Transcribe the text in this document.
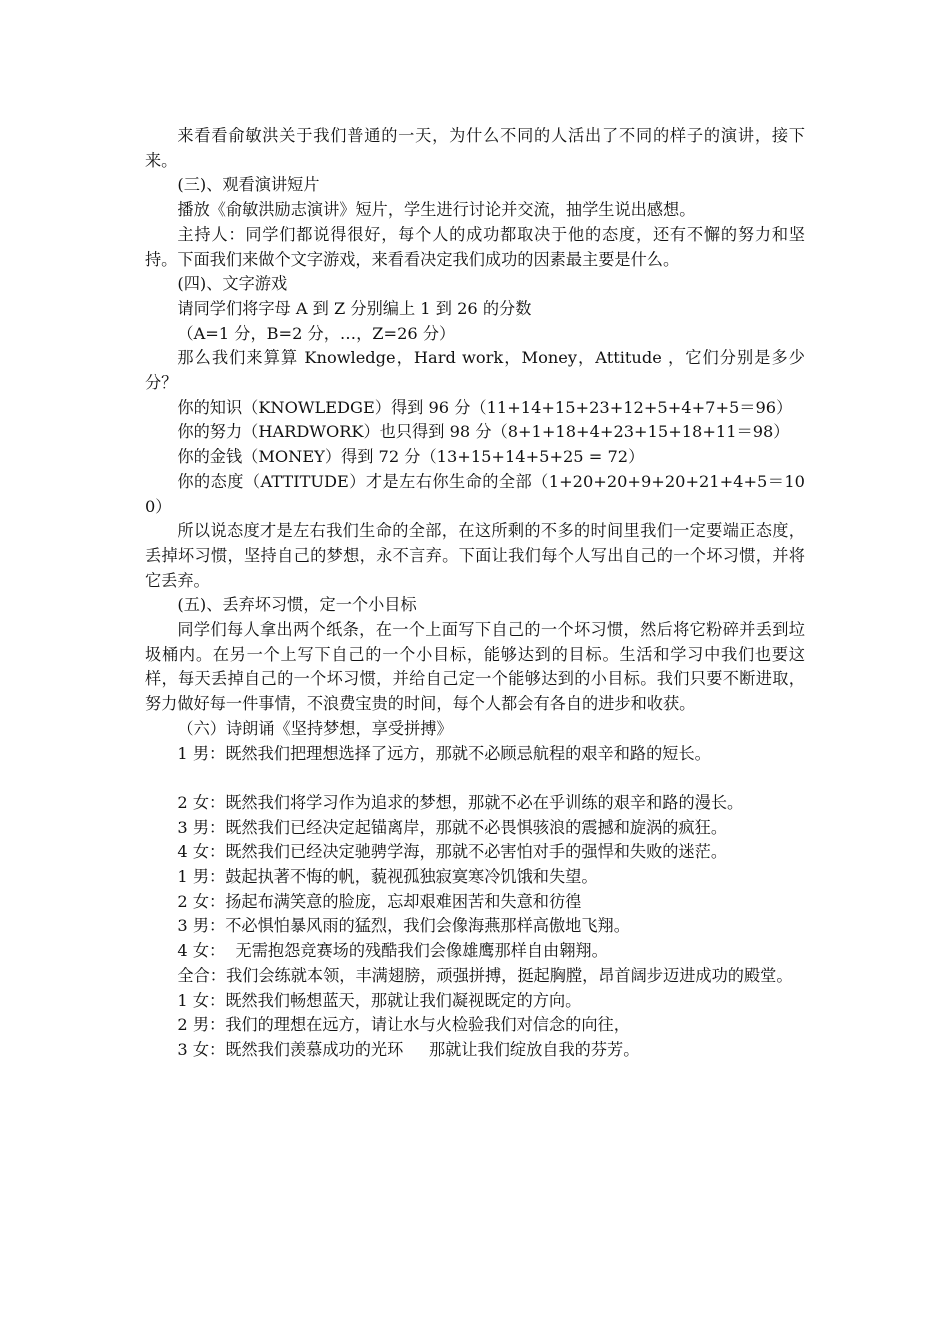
来看看俞敏洪关于我们普通的一天，为什么不同的人活出了不同的样子的演讲，接下来。

(三)、观看演讲短片

播放《俞敏洪励志演讲》短片，学生进行讨论并交流，抽学生说出感想。

主持人：同学们都说得很好，每个人的成功都取决于他的态度，还有不懈的努力和坚持。下面我们来做个文字游戏，来看看决定我们成功的因素最主要是什么。

(四)、文字游戏

请同学们将字母 A 到 Z 分别编上 1 到 26 的分数

（A=1 分，B=2 分，…，Z=26 分）

那么我们来算算 Knowledge，Hard work，Money，Attitude ，它们分别是多少分？

你的知识（KNOWLEDGE）得到 96 分（11+14+15+23+12+5+4+7+5＝96）

你的努力（HARDWORK）也只得到 98 分（8+1+18+4+23+15+18+11＝98）

你的金钱（MONEY）得到 72 分（13+15+14+5+25 = 72）

你的态度（ATTITUDE）才是左右你生命的全部（1+20+20+9+20+21+4+5＝100）

所以说态度才是左右我们生命的全部，在这所剩的不多的时间里我们一定要端正态度，丢掉坏习惯，坚持自己的梦想，永不言弃。下面让我们每个人写出自己的一个坏习惯，并将它丢弃。

(五)、丢弃坏习惯，定一个小目标

同学们每人拿出两个纸条，在一个上面写下自己的一个坏习惯，然后将它粉碎并丢到垃圾桶内。在另一个上写下自己的一个小目标，能够达到的目标。生活和学习中我们也要这样，每天丢掉自己的一个坏习惯，并给自己定一个能够达到的小目标。我们只要不断进取，努力做好每一件事情，不浪费宝贵的时间，每个人都会有各自的进步和收获。

（六）诗朗诵《坚持梦想，享受拼搏》

1 男：既然我们把理想选择了远方，那就不必顾忌航程的艰辛和路的短长。

2 女：既然我们将学习作为追求的梦想，那就不必在乎训练的艰辛和路的漫长。

3 男：既然我们已经决定起锚离岸，那就不必畏惧骇浪的震撼和旋涡的疯狂。

4 女：既然我们已经决定驰骋学海，那就不必害怕对手的强悍和失败的迷茫。

1 男：鼓起执著不悔的帆，藐视孤独寂寞寒冷饥饿和失望。

2 女：扬起布满笑意的脸庞，忘却艰难困苦和失意和彷徨

3 男：不必惧怕暴风雨的猛烈，我们会像海燕那样高傲地飞翔。

4 女：  无需抱怨竞赛场的残酷我们会像雄鹰那样自由翱翔。

全合：我们会练就本领，丰满翅膀，顽强拼搏，挺起胸膛，昂首阔步迈进成功的殿堂。

1 女：既然我们畅想蓝天，那就让我们凝视既定的方向。

2 男：我们的理想在远方，请让水与火检验我们对信念的向往，

3 女：既然我们羡慕成功的光环     那就让我们绽放自我的芬芳。
